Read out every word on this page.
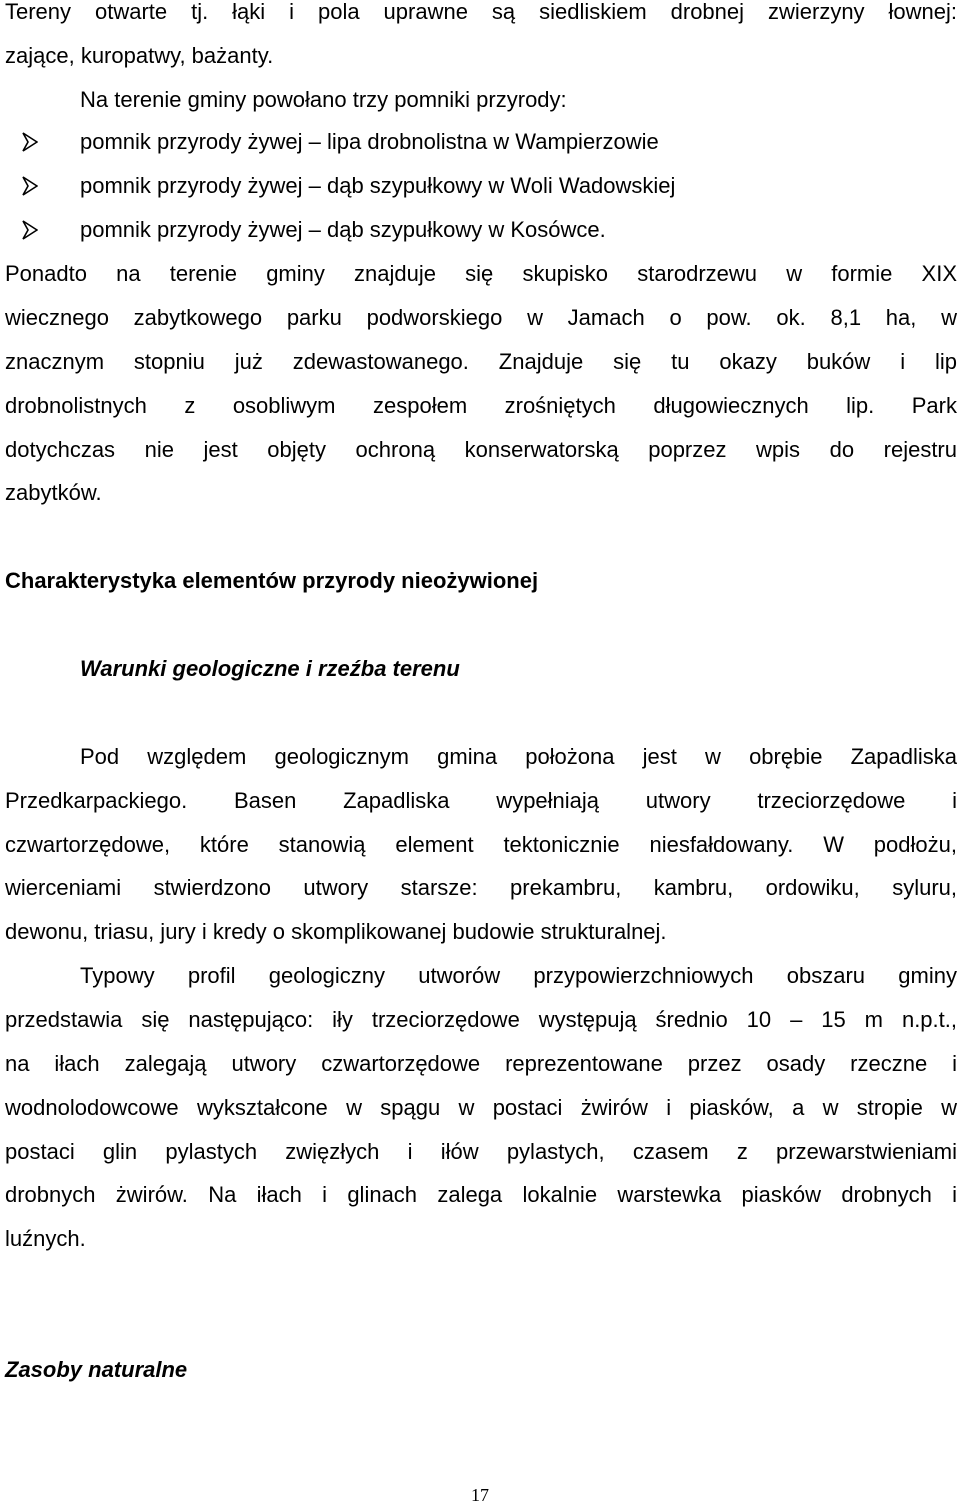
Tereny otwarte tj. łąki i pola uprawne są siedliskiem drobnej zwierzyny łownej:
zające, kuropatwy, bażanty.
Na terenie gminy powołano trzy pomniki przyrody:
pomnik przyrody żywej – lipa drobnolistna w Wampierzowie
pomnik przyrody żywej – dąb szypułkowy w Woli Wadowskiej
pomnik przyrody żywej – dąb szypułkowy w Kosówce.
Ponadto na terenie gminy znajduje się skupisko starodrzewu w formie XIX
wiecznego zabytkowego parku podworskiego w Jamach o pow. ok. 8,1 ha, w
znacznym stopniu już zdewastowanego. Znajduje się tu okazy buków i lip
drobnolistnych z osobliwym zespołem zrośniętych długowiecznych lip. Park
dotychczas nie jest objęty ochroną konserwatorską poprzez wpis do rejestru
zabytków.
Charakterystyka elementów przyrody nieożywionej
Warunki geologiczne i rzeźba terenu
Pod względem geologicznym gmina położona jest w obrębie Zapadliska
Przedkarpackiego. Basen Zapadliska wypełniają utwory trzeciorzędowe i
czwartorzędowe, które stanowią element tektonicznie niesfałdowany. W podłożu,
wierceniami stwierdzono utwory starsze: prekambru, kambru, ordowiku, syluru,
dewonu, triasu, jury i kredy o skomplikowanej budowie strukturalnej.
Typowy profil geologiczny utworów przypowierzchniowych obszaru gminy
przedstawia się następująco: iły trzeciorzędowe występują średnio 10 – 15 m n.p.t.,
na iłach zalegają utwory czwartorzędowe reprezentowane przez osady rzeczne i
wodnolodowcowe wykształcone w spągu w postaci żwirów i piasków, a w stropie w
postaci glin pylastych zwięzłych i iłów pylastych, czasem z przewarstwieniami
drobnych żwirów. Na iłach i glinach zalega lokalnie warstewka piasków drobnych i
luźnych.
Zasoby naturalne
17
